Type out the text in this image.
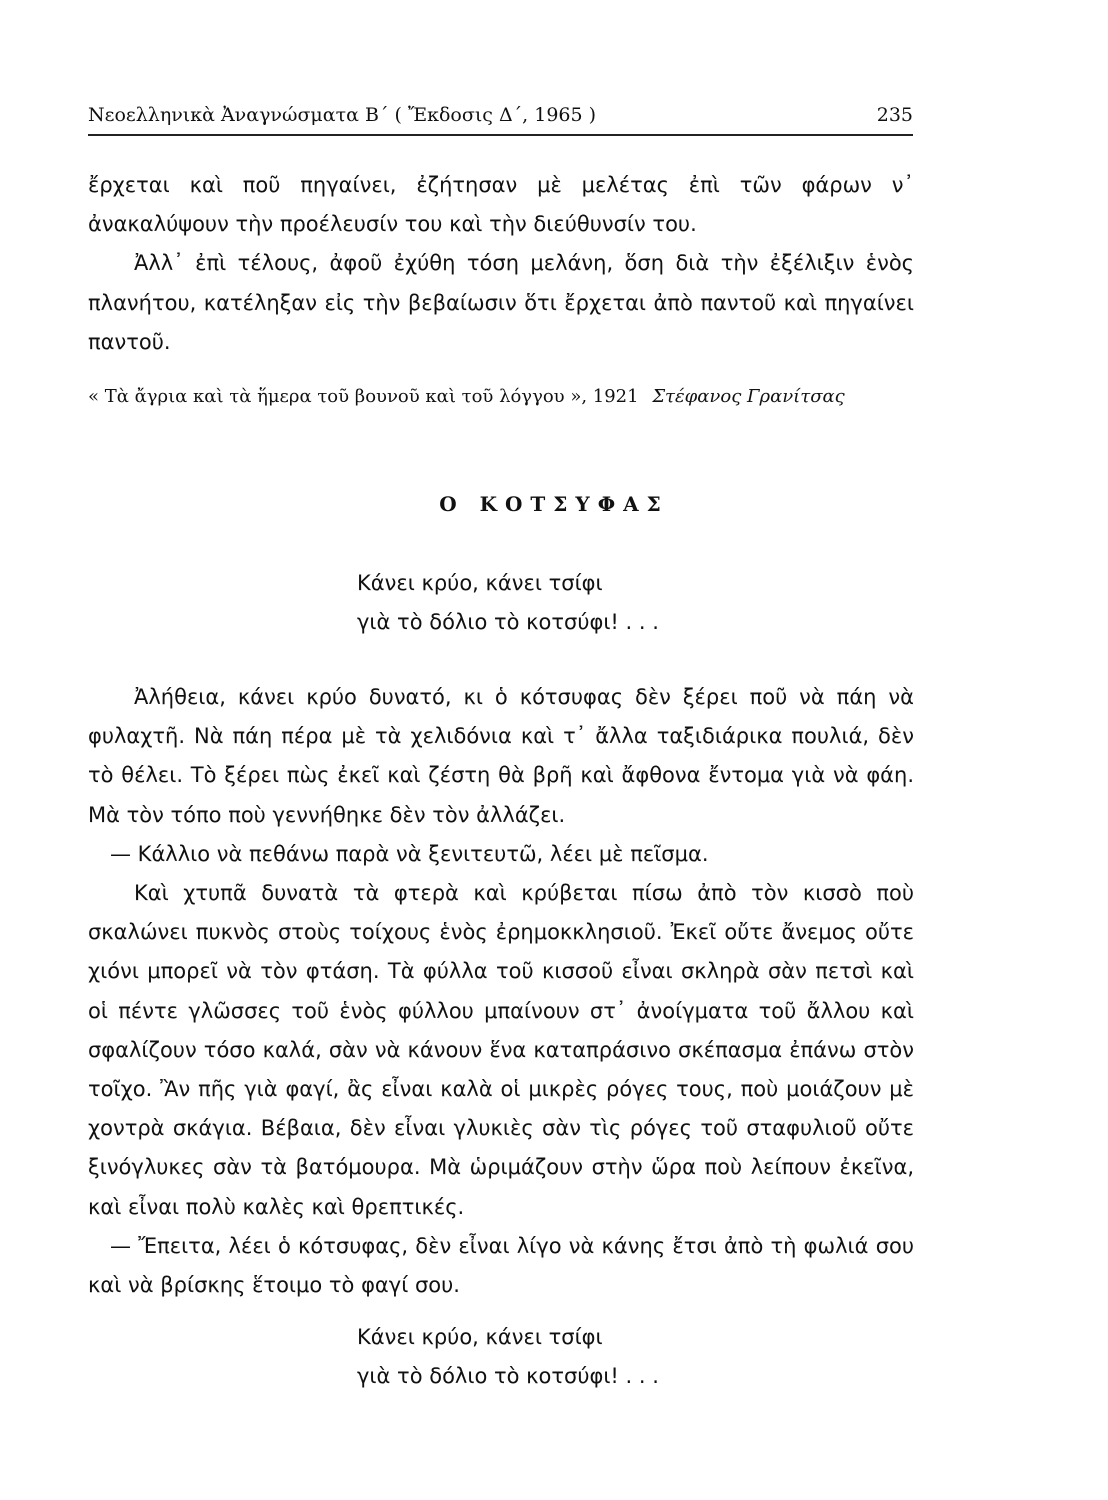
Νεοελληνικὰ Ἀναγνώσματα Β΄ ( Ἔκδοσις Δ΄, 1965 )	235

ἔρχεται καὶ ποῦ πηγαίνει, ἐζήτησαν μὲ μελέτας ἐπὶ τῶν φάρων ν᾿ ἀνακαλύψουν τὴν προέλευσίν του καὶ τὴν διεύθυνσίν του.

Ἀλλ᾿ ἐπὶ τέλους, ἀφοῦ ἐχύθη τόση μελάνη, ὅση διὰ τὴν ἐξέλιξιν ἑνὸς πλανήτου, κατέληξαν εἰς τὴν βεβαίωσιν ὅτι ἔρχεται ἀπὸ παντοῦ καὶ πηγαίνει παντοῦ.

« Τὰ ἄγρια καὶ τὰ ἥμερα τοῦ βουνοῦ καὶ τοῦ λόγγου », 1921 Στέφανος Γρανίτσας
Ο ΚΟΤΣΥΦΑΣ
Κάνει κρύο, κάνει τσίφι
γιὰ τὸ δόλιο τὸ κοτσύφι! . . .

Ἀλήθεια, κάνει κρύο δυνατό, κι ὁ κότσυφας δὲν ξέρει ποῦ νὰ πάη νὰ φυλαχτῆ. Νὰ πάη πέρα μὲ τὰ χελιδόνια καὶ τ᾿ ἄλλα ταξιδιάρικα πουλιά, δὲν τὸ θέλει. Τὸ ξέρει πὼς ἐκεῖ καὶ ζέστη θὰ βρῆ καὶ ἄφθονα ἔντομα γιὰ νὰ φάη. Μὰ τὸν τόπο ποὺ γεννήθηκε δὲν τὸν ἀλλάζει.

— Κάλλιο νὰ πεθάνω παρὰ νὰ ξενιτευτῶ, λέει μὲ πεῖσμα.

Καὶ χτυπᾶ δυνατὰ τὰ φτερὰ καὶ κρύβεται πίσω ἀπὸ τὸν κισσὸ ποὺ σκαλώνει πυκνὸς στοὺς τοίχους ἑνὸς ἐρημοκκλησιοῦ. Ἐκεῖ οὔτε ἄνεμος οὔτε χιόνι μπορεῖ νὰ τὸν φτάση. Τὰ φύλλα τοῦ κισσοῦ εἶναι σκληρὰ σὰν πετσὶ καὶ οἱ πέντε γλῶσσες τοῦ ἑνὸς φύλλου μπαίνουν στ᾿ ἀνοίγματα τοῦ ἄλλου καὶ σφαλίζουν τόσο καλά, σὰν νὰ κάνουν ἕνα καταπράσινο σκέπασμα ἐπάνω στὸν τοῖχο. Ἂν πῆς γιὰ φαγί, ἂς εἶναι καλὰ οἱ μικρὲς ρόγες τους, ποὺ μοιάζουν μὲ χοντρὰ σκάγια. Βέβαια, δὲν εἶναι γλυκιὲς σὰν τὶς ρόγες τοῦ σταφυλιοῦ οὔτε ξινόγλυκες σὰν τὰ βατόμουρα. Μὰ ὡριμάζουν στὴν ὥρα ποὺ λείπουν ἐκεῖνα, καὶ εἶναι πολὺ καλὲς καὶ θρεπτικές.

— Ἔπειτα, λέει ὁ κότσυφας, δὲν εἶναι λίγο νὰ κάνης ἔτσι ἀπὸ τὴ φωλιά σου καὶ νὰ βρίσκης ἕτοιμο τὸ φαγί σου.

Κάνει κρύο, κάνει τσίφι
γιὰ τὸ δόλιο τὸ κοτσύφι! . . .
